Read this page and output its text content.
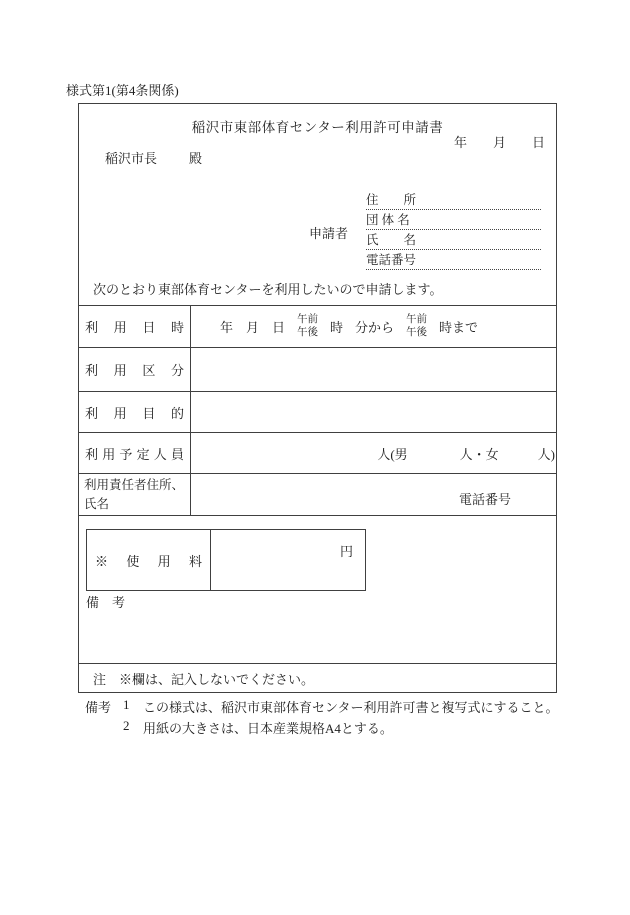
様式第1(第4条関係)
稲沢市東部体育センター利用許可申請書
年　　月　　日
稲沢市長 殿
申請者
住　　所
団 体 名
氏　　名
電話番号
次のとおり東部体育センターを利用したいので申請します。
利　用　日　時	年　月　日
午前
午後 時 分から
午前
午後 時まで
利　用　区　分
利　用　目　的
利 用 予 定 人 員	人(男　　　　人・女　　　人)
利用責任者住所、氏名	電話番号
※　使　用　料
円
備　考
注　※欄は、記入しないでください。
備考 1	この様式は、稲沢市東部体育センター利用許可書と複写式にすること。
2	用紙の大きさは、日本産業規格A4とする。
